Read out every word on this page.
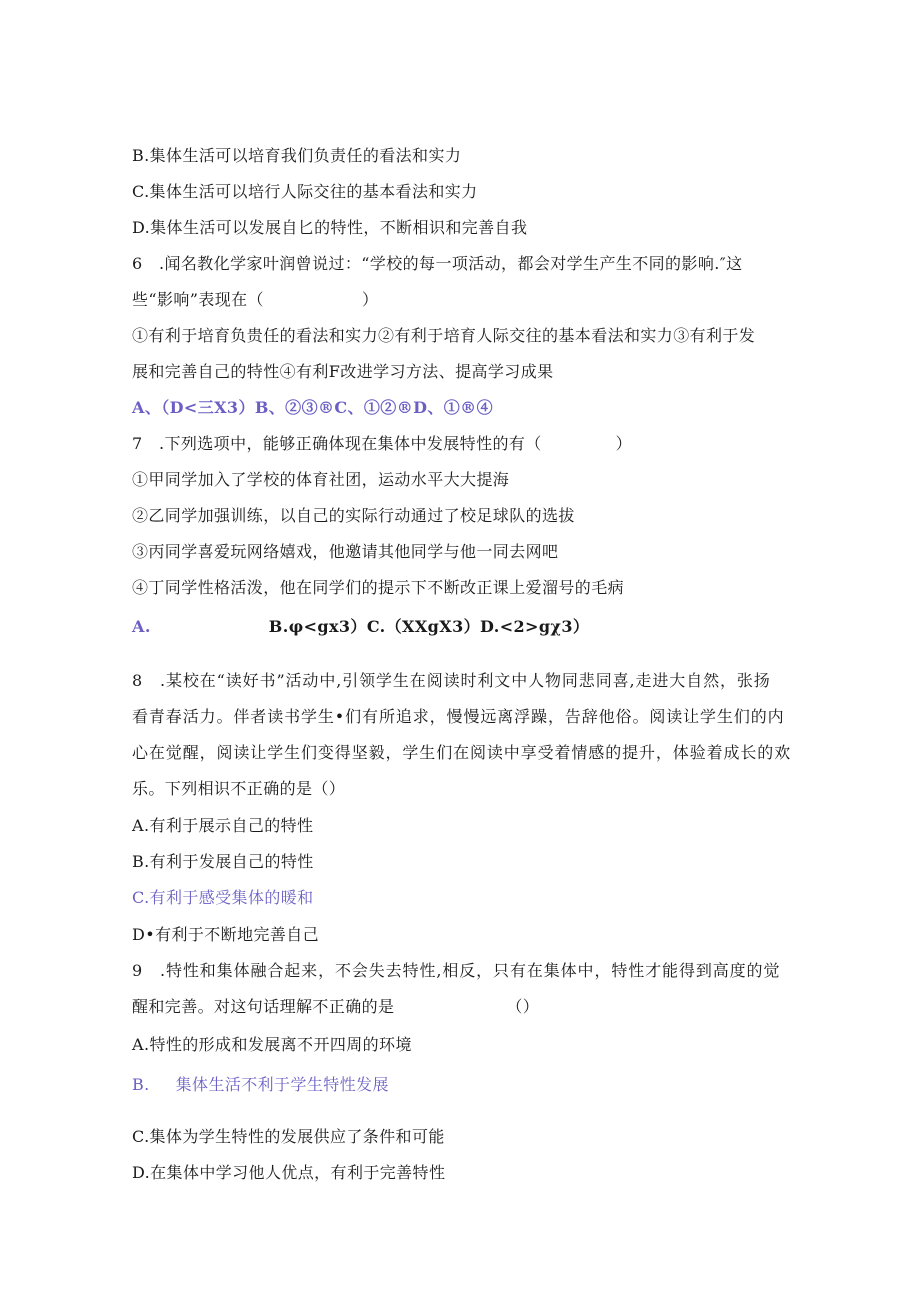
B.集体生活可以培育我们负责任的看法和实力
C.集体生活可以培行人际交往的基本看法和实力
D.集体生活可以发展自匕的特性，不断相识和完善自我
6　.闻名教化学家叶润曾说过：“学校的每一项活动，都会对学生产生不同的影响.″这
些“影响”表现在（	）
①有利于培育负贵任的看法和实力②有利于培育人际交往的基本看法和实力③有利于发
展和完善自己的特性④有利F改进学习方法、提高学习成果
A、（D<三X3）B、②③®C、①②®D、①®④
7　.下列选项中，能够正确体现在集体中发展特性的有（	）
①甲同学加入了学校的体育社团，运动水平大大提海
②乙同学加强训练，以自己的实际行动通过了校足球队的选拔
③丙同学喜爱玩网络嬉戏，他邀请其他同学与他一同去网吧
④丁同学性格活泼，他在同学们的提示下不断改正课上爱溜号的毛病
A.	B.φ<gx3）C.（XXgX3）D.<2>gχ3）
8　.某校在“读好书”活动中,引领学生在阅读时利文中人物同悲同喜,走进大自然，张扬
看青春活力。伴者读书学生•们有所追求，慢慢远离浮躁，告辞他俗。阅读让学生们的内
心在觉醒，阅读让学生们变得坚毅，学生们在阅读中享受着情感的提升，体验着成长的欢
乐。下列相识不正确的是（）
A.有利于展示自己的特性
B.有利于发展自己的特性
C.有利于感受集体的暖和
D•有利于不断地完善自己
9　.特性和集体融合起来，不会失去特性,相反，只有在集体中，特性才能得到高度的觉
醒和完善。对这句话理解不正确的是	（）
A.特性的形成和发展离不开四周的环境
B. 集体生活不利于学生特性发展
C.集体为学生特性的发展供应了条件和可能
D.在集体中学习他人优点，有利于完善特性
